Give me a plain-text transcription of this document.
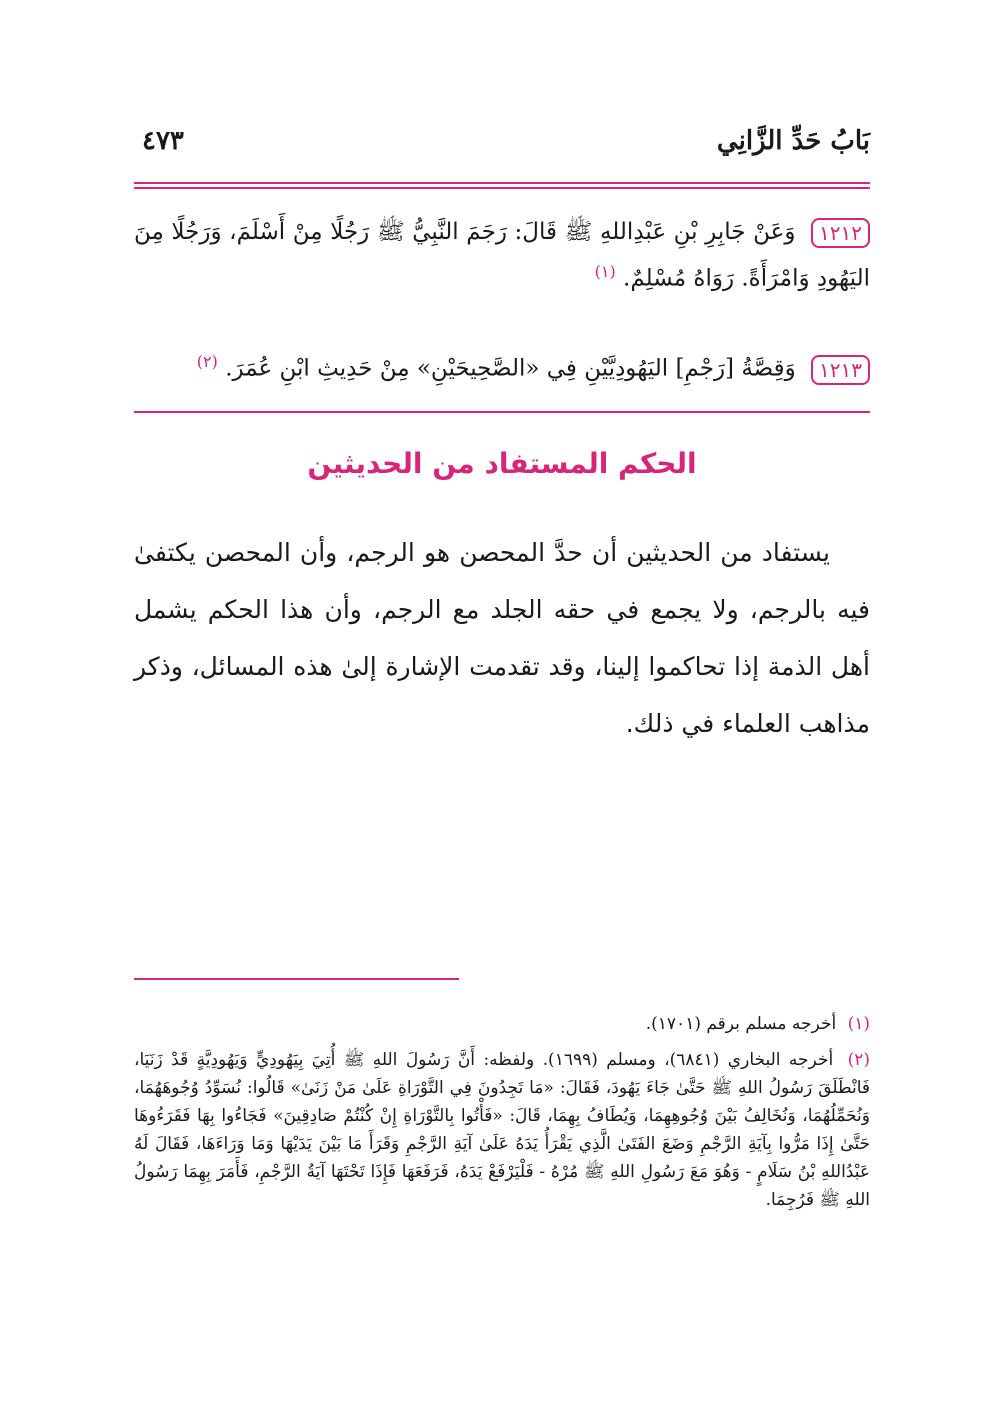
بَابُ حَدِّ الزَّانِي
٤٧٣
١٢١٢ وَعَنْ جَابِرِ بْنِ عَبْدِاللهِ ﷺ قَالَ: رَجَمَ النَّبِيُّ ﷺ رَجُلًا مِنْ أَسْلَمَ، وَرَجُلًا مِنَ اليَهُودِ وَامْرَأَةً. رَوَاهُ مُسْلِمٌ. $^{(١)}$
١٢١٣ وَقِصَّةُ [رَجْمِ] اليَهُودِيَّيْنِ فِي «الصَّحِيحَيْنِ» مِنْ حَدِيثِ ابْنِ عُمَرَ. $^{(٢)}$
الحكم المستفاد من الحديثين
يستفاد من الحديثين أن حدَّ المحصن هو الرجم، وأن المحصن يكتفىٰ فيه بالرجم، ولا يجمع في حقه الجلد مع الرجم، وأن هذا الحكم يشمل أهل الذمة إذا تحاكموا إلينا، وقد تقدمت الإشارة إلىٰ هذه المسائل، وذكر مذاهب العلماء في ذلك.
(١) أخرجه مسلم برقم (١٧٠١).
(٢) أخرجه البخاري (٦٨٤١)، ومسلم (١٦٩٩). ولفظه: أَنَّ رَسُولَ اللهِ ﷺ أُتِيَ بِيَهُودِيٍّ وَيَهُودِيَّةٍ قَدْ زَنَيَا، فَانْطَلَقَ رَسُولُ اللهِ ﷺ حَتَّىٰ جَاءَ يَهُودَ، فَقَالَ: «مَا تَجِدُونَ فِي التَّوْرَاةِ عَلَىٰ مَنْ زَنَىٰ» قَالُوا: نُسَوِّدُ وُجُوهَهُمَا، وَنُحَمِّلُهُمَا، وَنُخَالِفُ بَيْنَ وُجُوهِهِمَا، وَيُطَافُ بِهِمَا، قَالَ: «فَأْتُوا بِالتَّوْرَاةِ إِنْ كُنْتُمْ صَادِقِينَ» فَجَاءُوا بِهَا فَقَرَءُوهَا حَتَّىٰ إِذَا مَرُّوا بِآيَةِ الرَّجْمِ وَضَعَ الفَتَىٰ الَّذِي يَقْرَأُ يَدَهُ عَلَىٰ آيَةِ الرَّجْمِ وَقَرَأَ مَا بَيْنَ يَدَيْهَا وَمَا وَرَاءَهَا، فَقَالَ لَهُ عَبْدُاللهِ بْنُ سَلَامٍ - وَهُوَ مَعَ رَسُولِ اللهِ ﷺ مُرْهُ - فَلْيَرْفَعْ يَدَهُ، فَرَفَعَهَا فَإِذَا تَحْتَهَا آيَةُ الرَّجْمِ، فَأَمَرَ بِهِمَا رَسُولُ اللهِ ﷺ فَرُجِمَا.
